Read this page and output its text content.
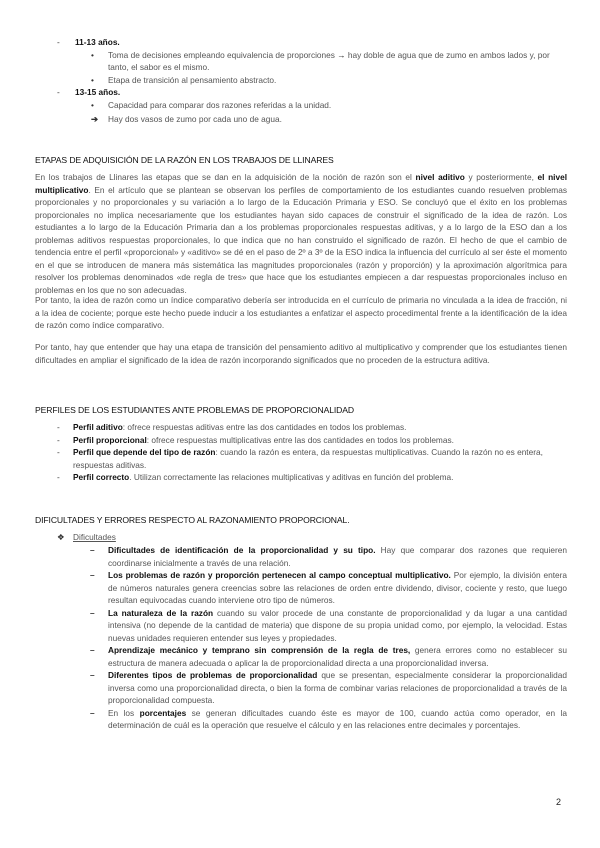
- 11-13 años.
• Toma de decisiones empleando equivalencia de proporciones → hay doble de agua que de zumo en ambos lados y, por tanto, el sabor es el mismo.
• Etapa de transición al pensamiento abstracto.
- 13-15 años.
• Capacidad para comparar dos razones referidas a la unidad.
➔ Hay dos vasos de zumo por cada uno de agua.
ETAPAS DE ADQUISICIÓN DE LA RAZÓN EN LOS TRABAJOS DE LLINARES
En los trabajos de Llinares las etapas que se dan en la adquisición de la noción de razón son el nivel aditivo y posteriormente, el nivel multiplicativo. En el artículo que se plantean se observan los perfiles de comportamiento de los estudiantes cuando resuelven problemas proporcionales y no proporcionales y su variación a lo largo de la Educación Primaria y ESO. Se concluyó que el éxito en los problemas proporcionales no implica necesariamente que los estudiantes hayan sido capaces de construir el significado de la idea de razón. Los estudiantes a lo largo de la Educación Primaria dan a los problemas proporcionales respuestas aditivas, y a lo largo de la ESO dan a los problemas aditivos respuestas proporcionales, lo que indica que no han construido el significado de razón. El hecho de que el cambio de tendencia entre el perfil «proporcional» y «aditivo» se dé en el paso de 2º a 3º de la ESO indica la influencia del currículo al ser éste el momento en el que se introducen de manera más sistemática las magnitudes proporcionales (razón y proporción) y la aproximación algorítmica para resolver los problemas denominados «de regla de tres» que hace que los estudiantes empiecen a dar respuestas proporcionales incluso en problemas en los que no son adecuadas.
Por tanto, la idea de razón como un índice comparativo debería ser introducida en el currículo de primaria no vinculada a la idea de fracción, ni a la idea de cociente; porque este hecho puede inducir a los estudiantes a enfatizar el aspecto procedimental frente a la identificación de la idea de razón como índice comparativo.
Por tanto, hay que entender que hay una etapa de transición del pensamiento aditivo al multiplicativo y comprender que los estudiantes tienen dificultades en ampliar el significado de la idea de razón incorporando significados que no proceden de la estructura aditiva.
PERFILES DE LOS ESTUDIANTES ANTE PROBLEMAS DE PROPORCIONALIDAD
- Perfil aditivo: ofrece respuestas aditivas entre las dos cantidades en todos los problemas.
- Perfil proporcional: ofrece respuestas multiplicativas entre las dos cantidades en todos los problemas.
- Perfil que depende del tipo de razón: cuando la razón es entera, da respuestas multiplicativas. Cuando la razón no es entera, respuestas aditivas.
- Perfil correcto. Utilizan correctamente las relaciones multiplicativas y aditivas en función del problema.
DIFICULTADES Y ERRORES RESPECTO AL RAZONAMIENTO PROPORCIONAL.
❖ Dificultades
– Dificultades de identificación de la proporcionalidad y su tipo. Hay que comparar dos razones que requieren coordinarse inicialmente a través de una relación.
– Los problemas de razón y proporción pertenecen al campo conceptual multiplicativo. Por ejemplo, la división entera de números naturales genera creencias sobre las relaciones de orden entre dividendo, divisor, cociente y resto, que luego resultan equivocadas cuando interviene otro tipo de números.
– La naturaleza de la razón cuando su valor procede de una constante de proporcionalidad y da lugar a una cantidad intensiva (no depende de la cantidad de materia) que dispone de su propia unidad como, por ejemplo, la velocidad. Estas nuevas unidades requieren entender sus leyes y propiedades.
– Aprendizaje mecánico y temprano sin comprensión de la regla de tres, genera errores como no establecer su estructura de manera adecuada o aplicar la de proporcionalidad directa a una proporcionalidad inversa.
– Diferentes tipos de problemas de proporcionalidad que se presentan, especialmente considerar la proporcionalidad inversa como una proporcionalidad directa, o bien la forma de combinar varias relaciones de proporcionalidad a través de la proporcionalidad compuesta.
– En los porcentajes se generan dificultades cuando éste es mayor de 100, cuando actúa como operador, en la determinación de cuál es la operación que resuelve el cálculo y en las relaciones entre decimales y porcentajes.
2
